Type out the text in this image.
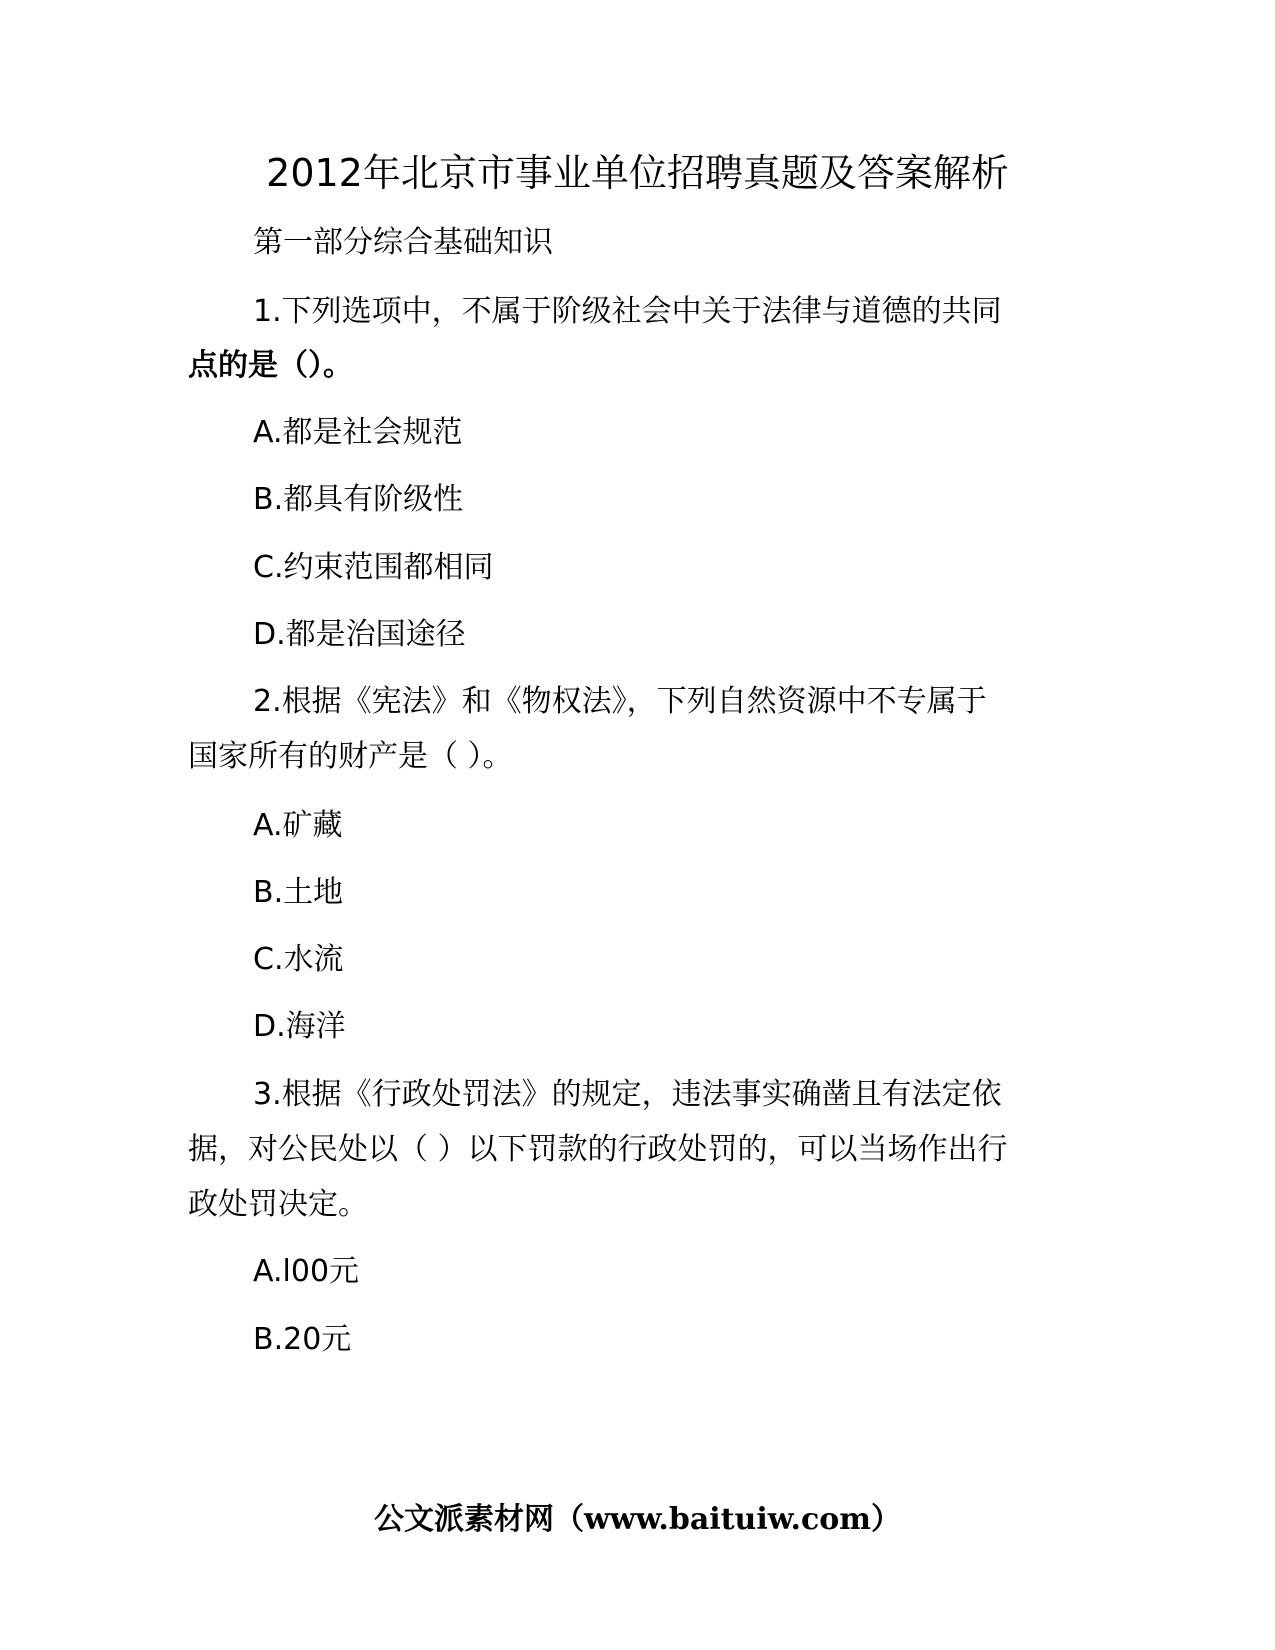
2012年北京市事业单位招聘真题及答案解析
第一部分综合基础知识
1.下列选项中，不属于阶级社会中关于法律与道德的共同
点的是（）。
A.都是社会规范
B.都具有阶级性
C.约束范围都相同
D.都是治国途径
2.根据《宪法》和《物权法》，下列自然资源中不专属于
国家所有的财产是（ ）。
A.矿藏
B.土地
C.水流
D.海洋
3.根据《行政处罚法》的规定，违法事实确凿且有法定依
据，对公民处以（ ）以下罚款的行政处罚的，可以当场作出行
政处罚决定。
A.l00元
B.20元
公文派素材网（www.baituiw.com）
